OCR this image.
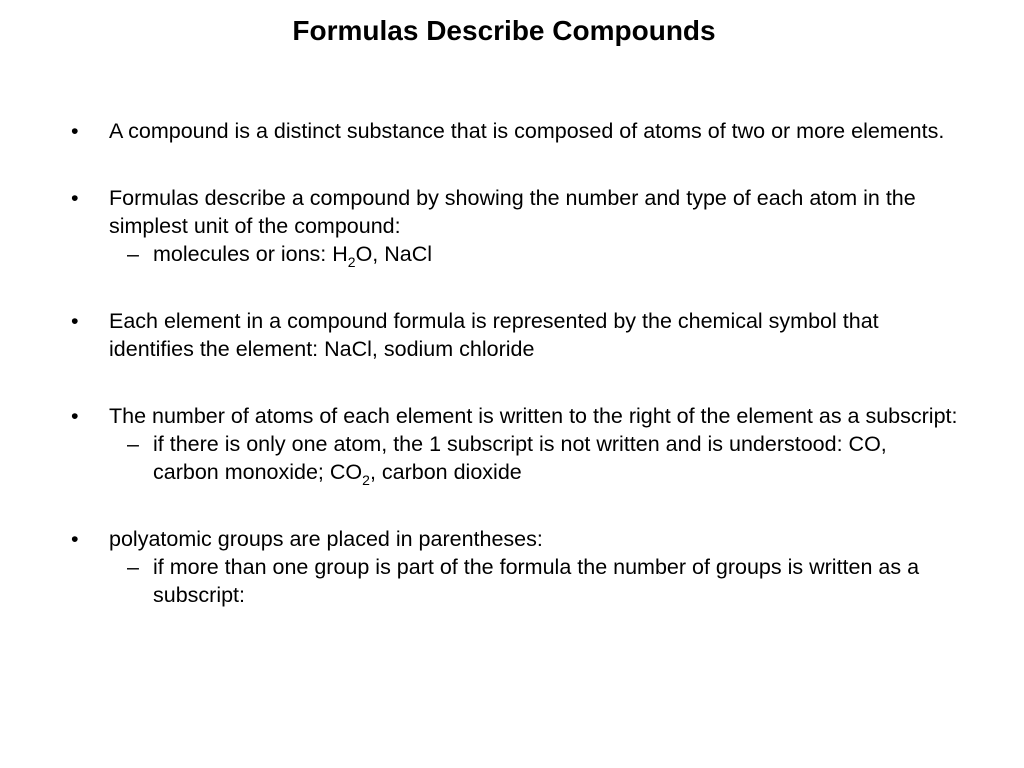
Formulas Describe Compounds
• A compound is a distinct substance that is composed of atoms of two or more elements.
• Formulas describe a compound by showing the number and type of each atom in the simplest unit of the compound:
– molecules or ions: $H_2O$, NaCl
• Each element in a compound formula is represented by the chemical symbol that identifies the element: NaCl, sodium chloride
• The number of atoms of each element is written to the right of the element as a subscript:
– if there is only one atom, the 1 subscript is not written and is understood: CO, carbon monoxide; $CO_2$, carbon dioxide
• polyatomic groups are placed in parentheses:
– if more than one group is part of the formula the number of groups is written as a subscript:
